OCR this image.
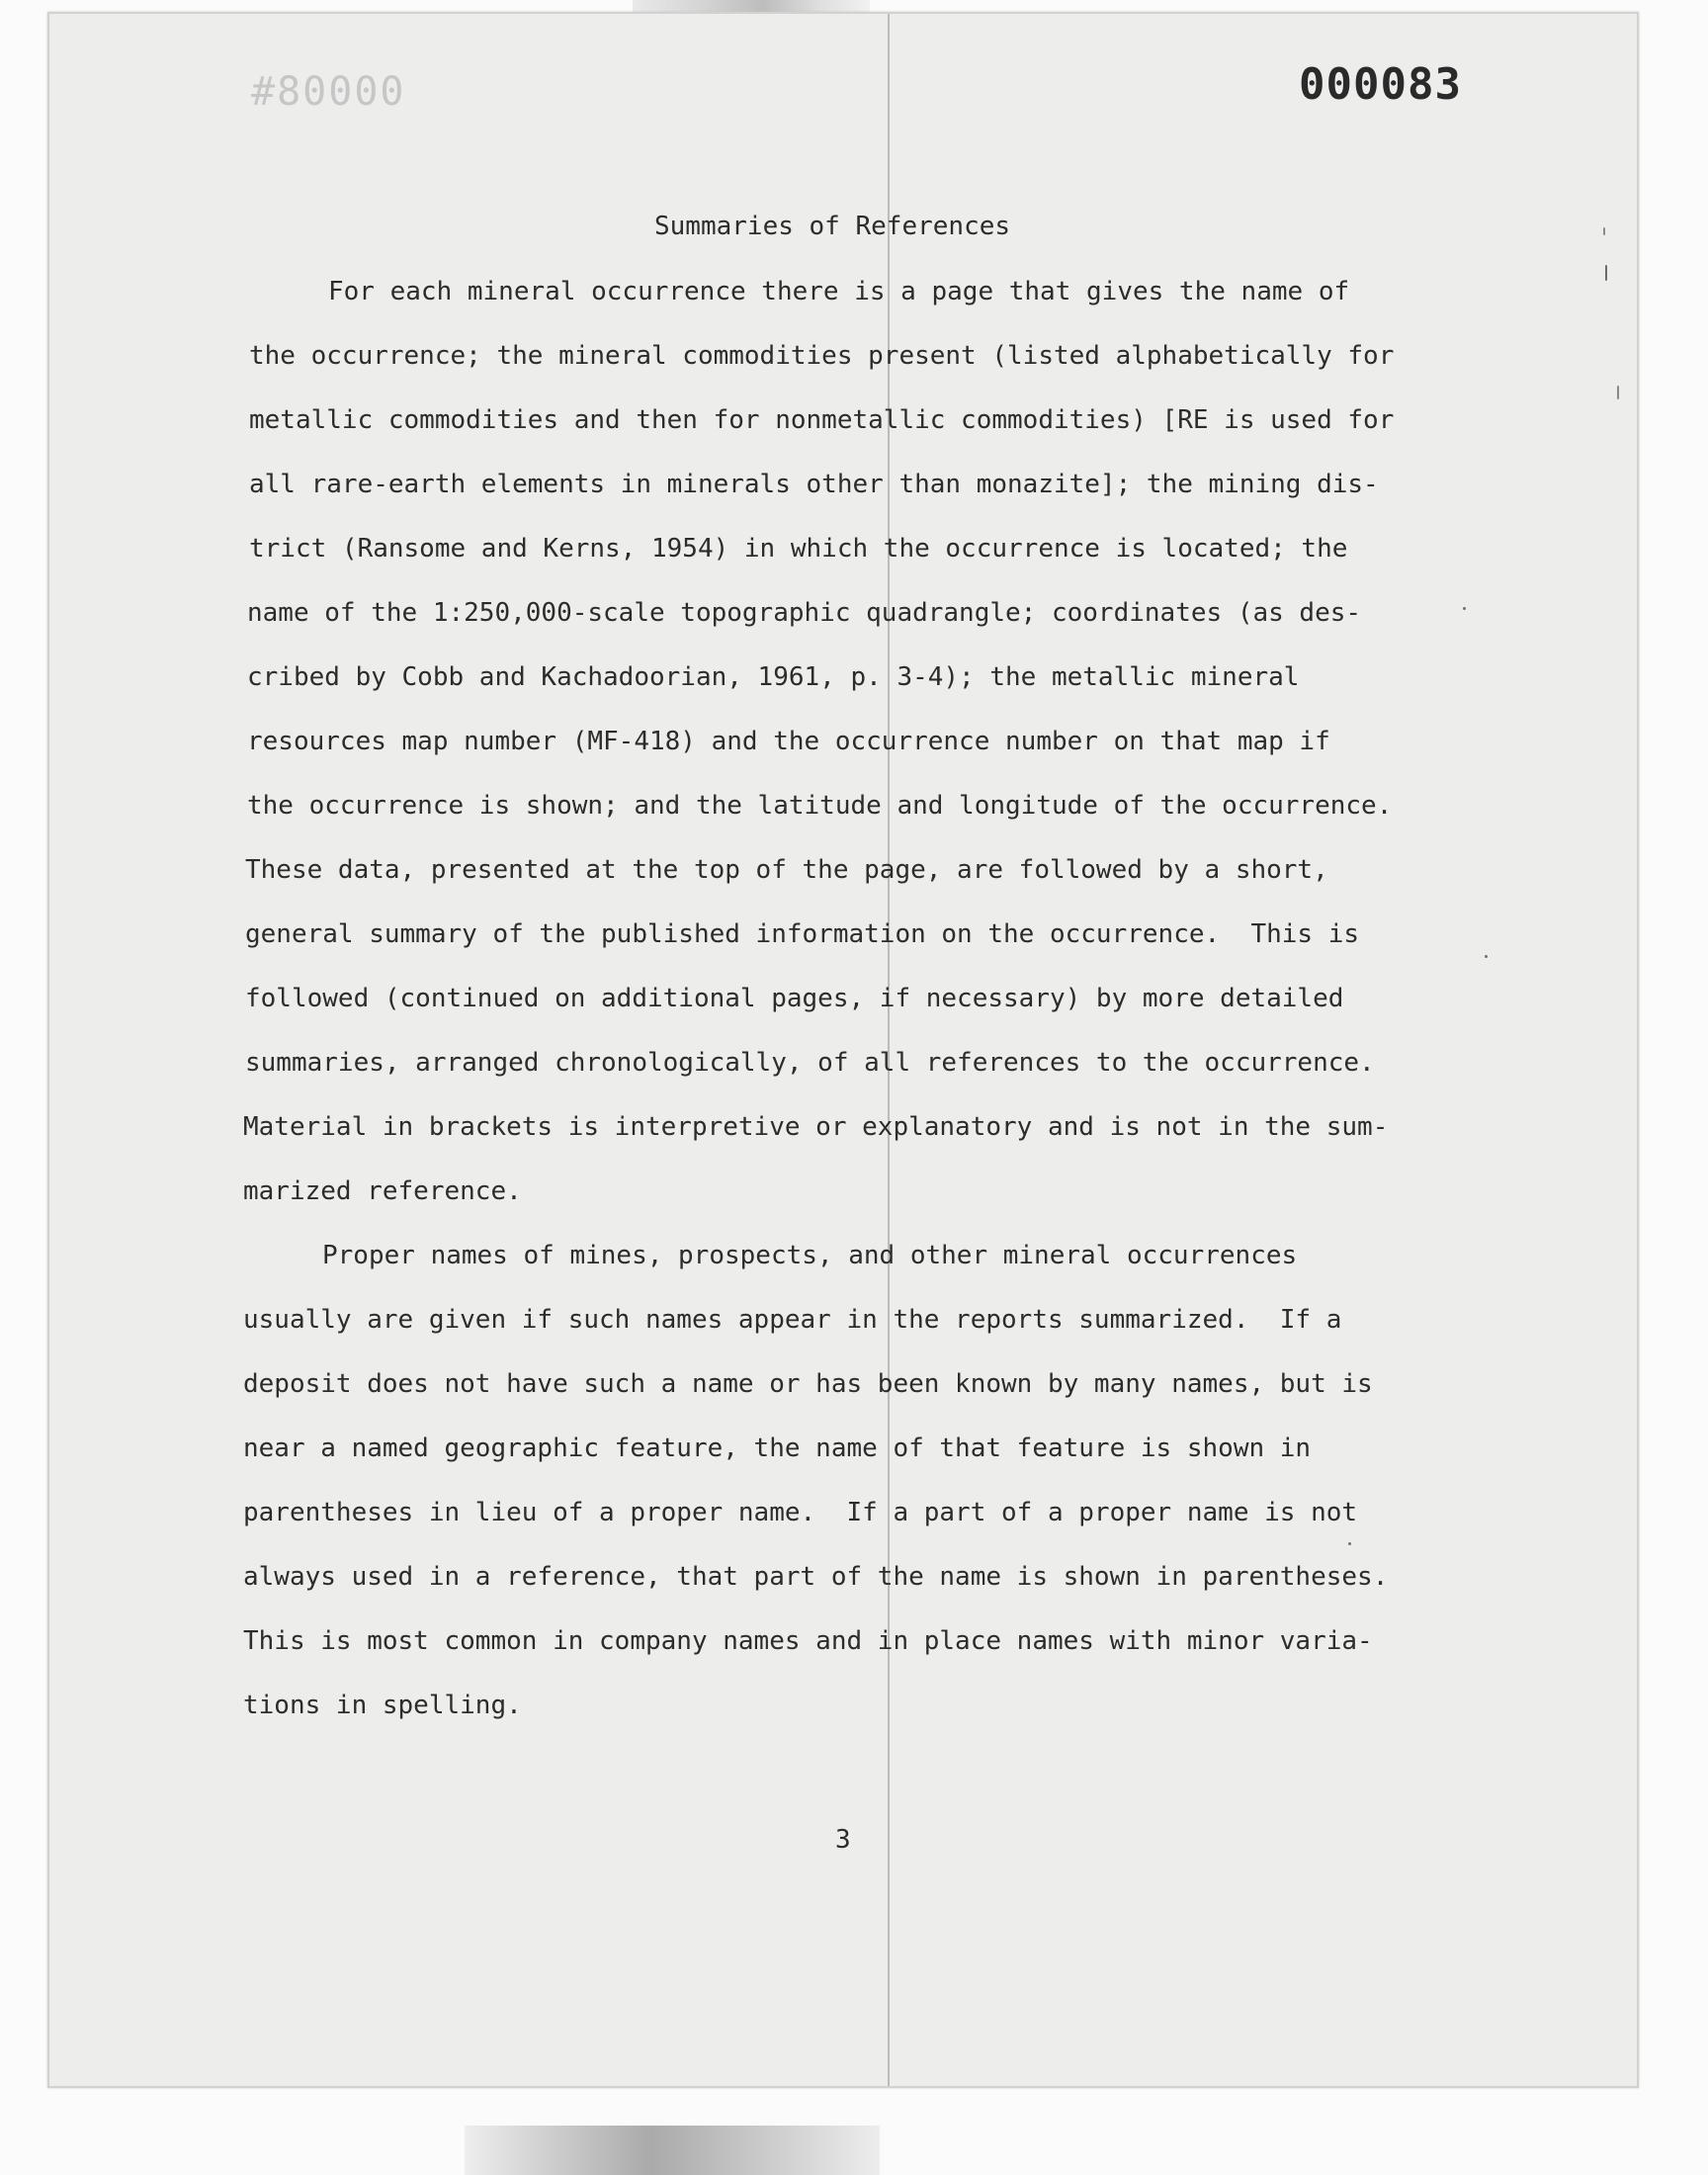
#80000	000083
Summaries of References
For each mineral occurrence there is a page that gives the name of
the occurrence; the mineral commodities present (listed alphabetically for
metallic commodities and then for nonmetallic commodities) [RE is used for
all rare-earth elements in minerals other than monazite]; the mining dis-
trict (Ransome and Kerns, 1954) in which the occurrence is located; the
name of the 1:250,000-scale topographic quadrangle; coordinates (as des-
cribed by Cobb and Kachadoorian, 1961, p. 3-4); the metallic mineral
resources map number (MF-418) and the occurrence number on that map if
the occurrence is shown; and the latitude and longitude of the occurrence.
These data, presented at the top of the page, are followed by a short,
general summary of the published information on the occurrence.  This is
followed (continued on additional pages, if necessary) by more detailed
summaries, arranged chronologically, of all references to the occurrence.
Material in brackets is interpretive or explanatory and is not in the sum-
marized reference.
Proper names of mines, prospects, and other mineral occurrences
usually are given if such names appear in the reports summarized.  If a
deposit does not have such a name or has been known by many names, but is
near a named geographic feature, the name of that feature is shown in
parentheses in lieu of a proper name.  If a part of a proper name is not
always used in a reference, that part of the name is shown in parentheses.
This is most common in company names and in place names with minor varia-
tions in spelling.
3
